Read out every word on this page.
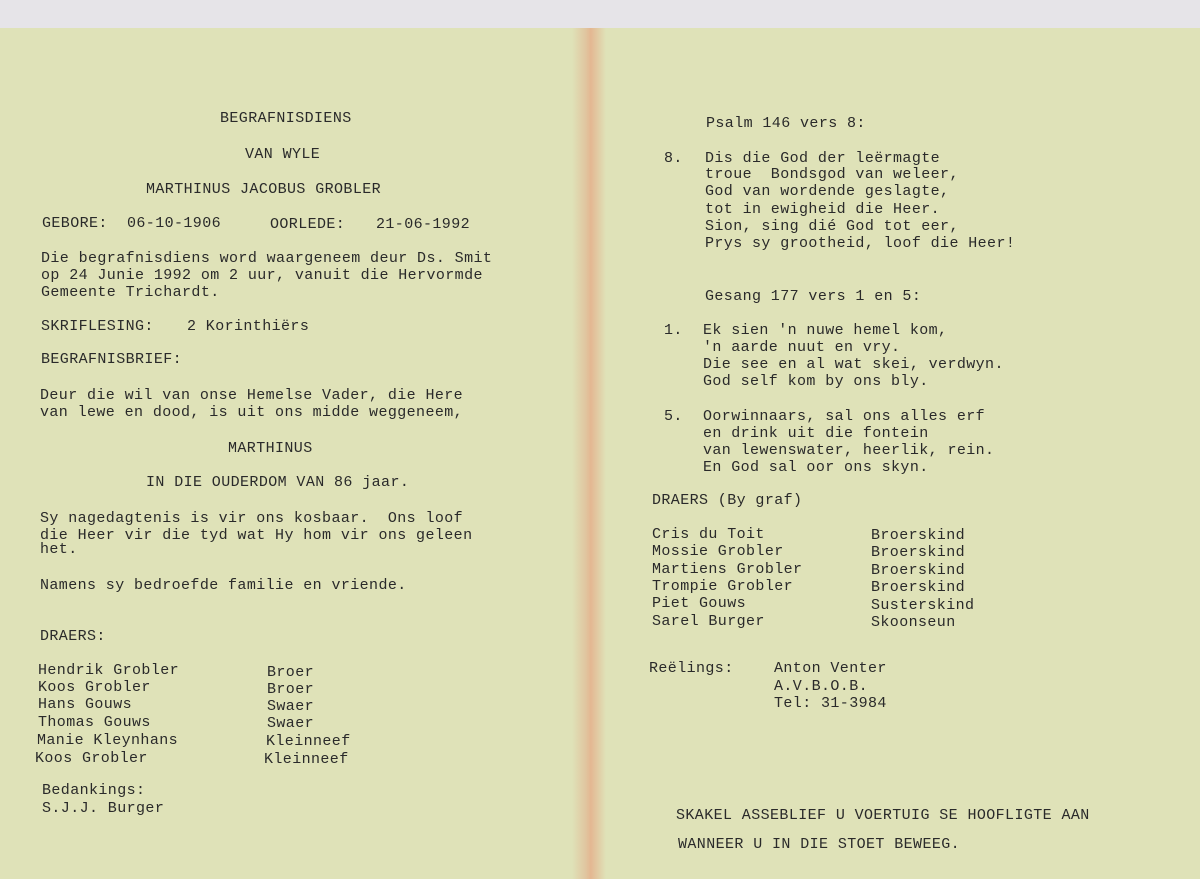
BEGRAFNISDIENS
VAN WYLE
MARTHINUS JACOBUS GROBLER
GEBORE: 06-10-1906	OORLEDE: 21-06-1992
Die begrafnisdiens word waargeneem deur Ds. Smit
op 24 Junie 1992 om 2 uur, vanuit die Hervormde
Gemeente Trichardt.
SKRIFLESING: 2 Korinthiërs
BEGRAFNISBRIEF:
Deur die wil van onse Hemelse Vader, die Here
van lewe en dood, is uit ons midde weggeneem,
MARTHINUS
IN DIE OUDERDOM VAN 86 jaar.
Sy nagedagtenis is vir ons kosbaar.  Ons loof
die Heer vir die tyd wat Hy hom vir ons geleen
het.
Namens sy bedroefde familie en vriende.
DRAERS:
Hendrik Grobler	Broer
Koos Grobler	Broer
Hans Gouws	Swaer
Thomas Gouws	Swaer
Manie Kleynhans	Kleinneef
Koos Grobler	Kleinneef
Bedankings:
S.J.J. Burger
Psalm 146 vers 8:
8. Dis die God der leërmagte
troue  Bondsgod van weleer,
God van wordende geslagte,
tot in ewigheid die Heer.
Sion, sing dié God tot eer,
Prys sy grootheid, loof die Heer!
Gesang 177 vers 1 en 5:
1. Ek sien 'n nuwe hemel kom,
'n aarde nuut en vry.
Die see en al wat skei, verdwyn.
God self kom by ons bly.
5. Oorwinnaars, sal ons alles erf
en drink uit die fontein
van lewenswater, heerlik, rein.
En God sal oor ons skyn.
DRAERS (By graf)
Cris du Toit	Broerskind
Mossie Grobler	Broerskind
Martiens Grobler	Broerskind
Trompie Grobler	Broerskind
Piet Gouws	Susterskind
Sarel Burger	Skoonseun
Reëlings:	Anton Venter
A.V.B.O.B.
Tel: 31-3984
SKAKEL ASSEBLIEF U VOERTUIG SE HOOFLIGTE AAN
WANNEER U IN DIE STOET BEWEEG.
